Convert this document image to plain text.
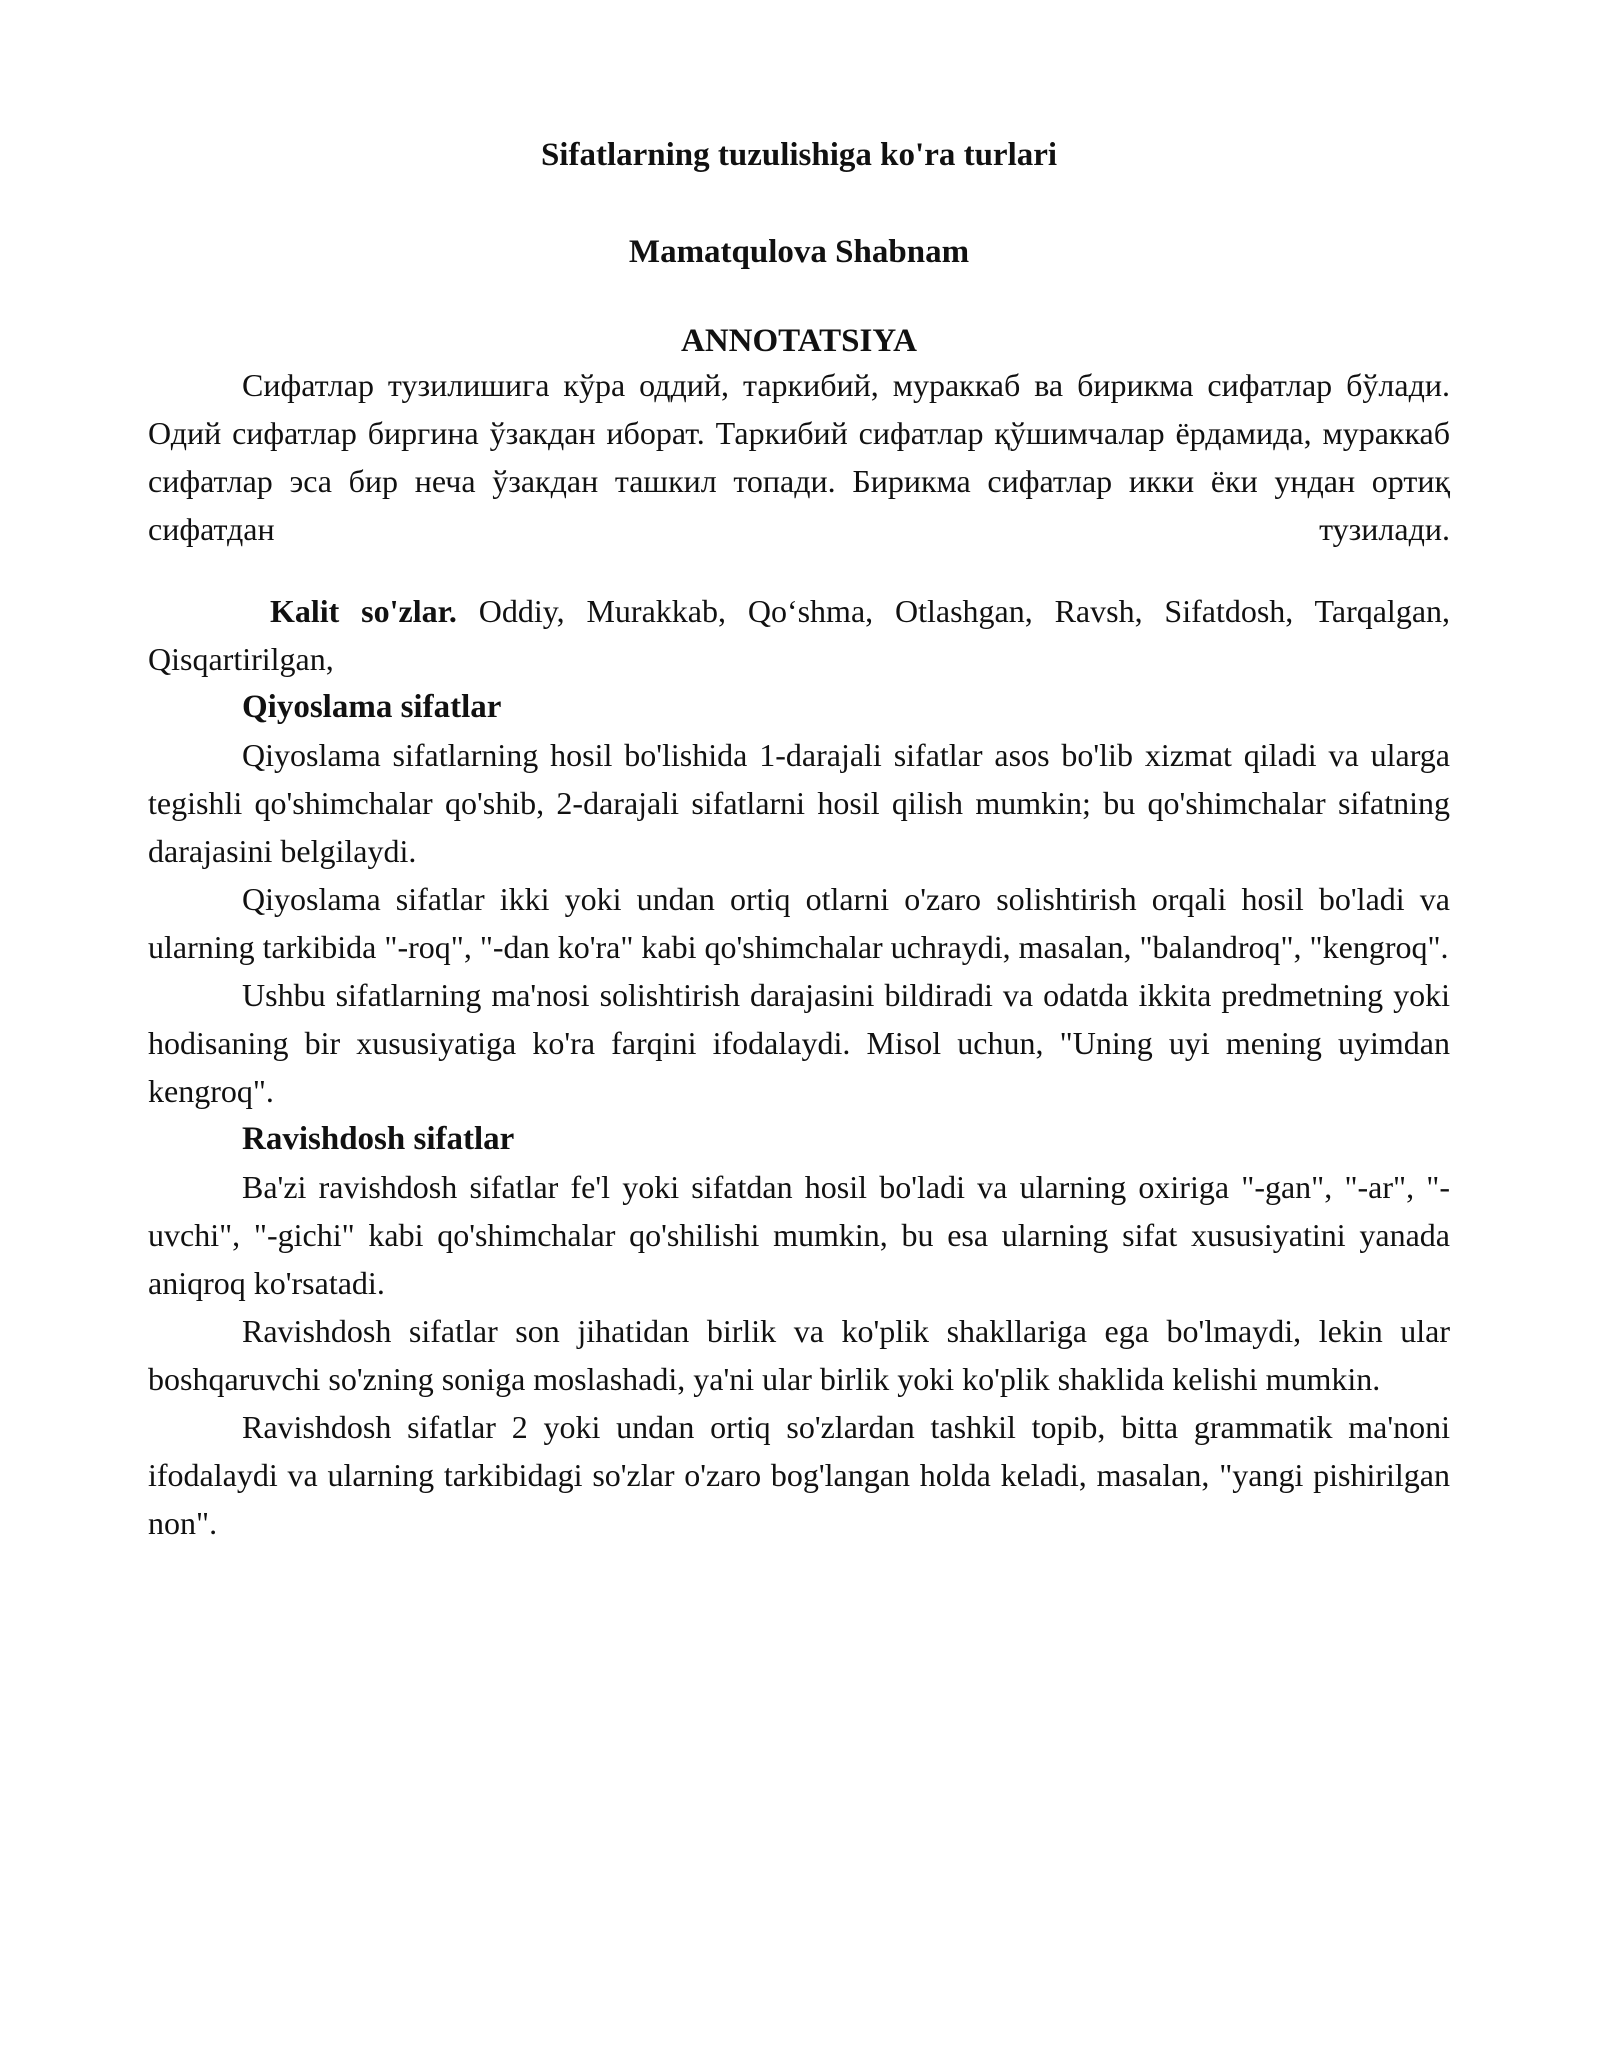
Sifatlarning tuzulishiga ko'ra turlari
Mamatqulova Shabnam
ANNOTATSIYA

Сифатлар тузилишига кўра оддий, таркибий, мураккаб ва бирикма сифатлар бўлади. Одий сифатлар биргина ўзакдан иборат. Таркибий сифатлар қўшимчалар ёрдамида, мураккаб сифатлар эса бир неча ўзакдан ташкил топади. Бирикма сифатлар икки ёки ундан ортиқ сифатдан тузилади.

Kalit so'zlar. Oddiy, Murakkab, Qo‘shma, Otlashgan, Ravsh, Sifatdosh, Tarqalgan, Qisqartirilgan,

Qiyoslama sifatlar

Qiyoslama sifatlarning hosil bo'lishida 1-darajali sifatlar asos bo'lib xizmat qiladi va ularga tegishli qo'shimchalar qo'shib, 2-darajali sifatlarni hosil qilish mumkin; bu qo'shimchalar sifatning darajasini belgilaydi.

Qiyoslama sifatlar ikki yoki undan ortiq otlarni o'zaro solishtirish orqali hosil bo'ladi va ularning tarkibida "-roq", "-dan ko'ra" kabi qo'shimchalar uchraydi, masalan, "balandroq", "kengroq".

Ushbu sifatlarning ma'nosi solishtirish darajasini bildiradi va odatda ikkita predmetning yoki hodisaning bir xususiyatiga ko'ra farqini ifodalaydi. Misol uchun, "Uning uyi mening uyimdan kengroq".

Ravishdosh sifatlar

Ba'zi ravishdosh sifatlar fe'l yoki sifatdan hosil bo'ladi va ularning oxiriga "-gan", "-ar", "-uvchi", "-gichi" kabi qo'shimchalar qo'shilishi mumkin, bu esa ularning sifat xususiyatini yanada aniqroq ko'rsatadi.

Ravishdosh sifatlar son jihatidan birlik va ko'plik shakllariga ega bo'lmaydi, lekin ular boshqaruvchi so'zning soniga moslashadi, ya'ni ular birlik yoki ko'plik shaklida kelishi mumkin.

Ravishdosh sifatlar 2 yoki undan ortiq so'zlardan tashkil topib, bitta grammatik ma'noni ifodalaydi va ularning tarkibidagi so'zlar o'zaro bog'langan holda keladi, masalan, "yangi pishirilgan non".
